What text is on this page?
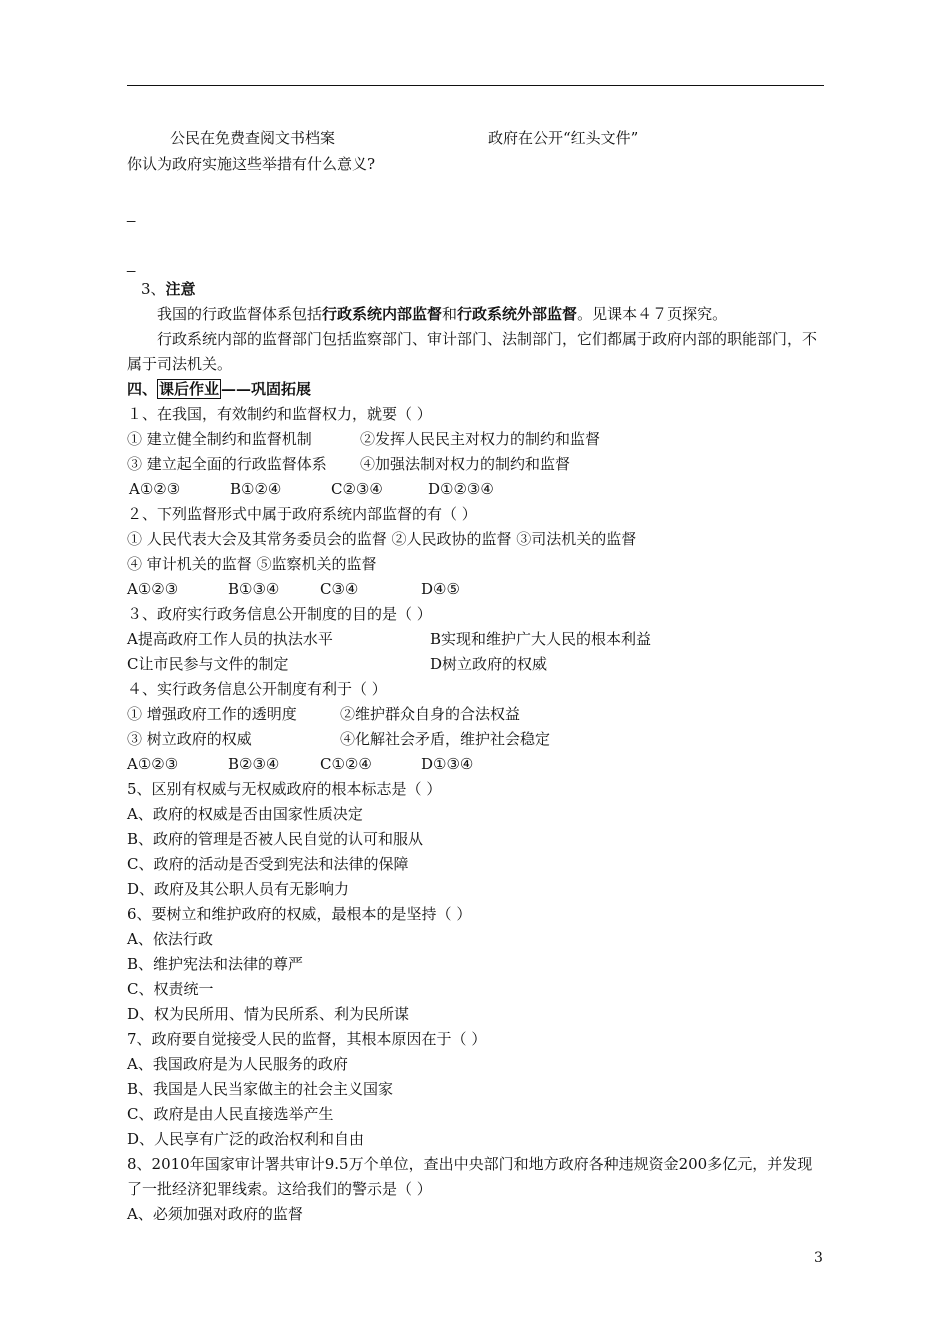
公民在免费查阅文书档案	政府在公开“红头文件”
你认为政府实施这些举措有什么意义?
_
_
3、注意
我国的行政监督体系包括行政系统内部监督和行政系统外部监督。见课本４７页探究。
行政系统内部的监督部门包括监察部门、审计部门、法制部门，它们都属于政府内部的职能部门，不属于司法机关。
四、 课后作业 ——巩固拓展
１、在我国，有效制约和监督权力，就要（ ）
① 建立健全制约和监督机制	②发挥人民民主对权力的制约和监督
③ 建立起全面的行政监督体系 ④加强法制对权力的制约和监督
A①②③	B①②④	C②③④	D①②③④
２、下列监督形式中属于政府系统内部监督的有（ ）
① 人民代表大会及其常务委员会的监督 ②人民政协的监督 ③司法机关的监督
④ 审计机关的监督 ⑤监察机关的监督
A①②③	B①③④	C③④	D④⑤
３、政府实行政务信息公开制度的目的是（ ）
A提高政府工作人员的执法水平	B实现和维护广大人民的根本利益
C让市民参与文件的制定	D树立政府的权威
４、实行政务信息公开制度有利于（ ）
① 增强政府工作的透明度	②维护群众自身的合法权益
③ 树立政府的权威	④化解社会矛盾，维护社会稳定
A①②③	B②③④	C①②④	D①③④
5、区别有权威与无权威政府的根本标志是（ ）
A、政府的权威是否由国家性质决定
B、政府的管理是否被人民自觉的认可和服从
C、政府的活动是否受到宪法和法律的保障
D、政府及其公职人员有无影响力
6、要树立和维护政府的权威，最根本的是坚持（ ）
A、依法行政
B、维护宪法和法律的尊严
C、权责统一
D、权为民所用、情为民所系、利为民所谋
7、政府要自觉接受人民的监督，其根本原因在于（ ）
A、我国政府是为人民服务的政府
B、我国是人民当家做主的社会主义国家
C、政府是由人民直接选举产生
D、人民享有广泛的政治权利和自由
8、2010年国家审计署共审计9.5万个单位，查出中央部门和地方政府各种违规资金200多亿元，并发现了一批经济犯罪线索。这给我们的警示是（ ）
A、必须加强对政府的监督
3
